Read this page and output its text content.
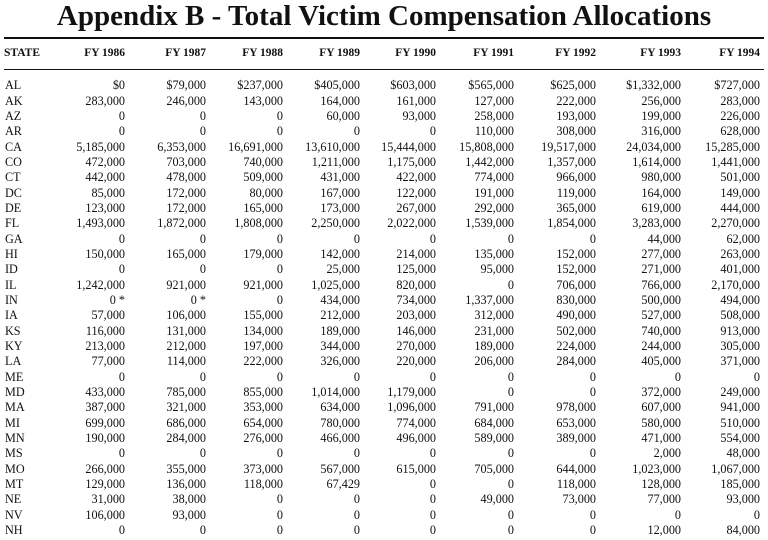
Appendix B - Total Victim Compensation Allocations
STATE	FY 1986	FY 1987	FY 1988	FY 1989	FY 1990	FY 1991	FY 1992	FY 1993	FY 1994

AL	$0	$79,000	$237,000	$405,000	$603,000	$565,000	$625,000	$1,332,000	$727,000
AK	283,000	246,000	143,000	164,000	161,000	127,000	222,000	256,000	283,000
AZ	0	0	0	60,000	93,000	258,000	193,000	199,000	226,000
AR	0	0	0	0	0	110,000	308,000	316,000	628,000
CA	5,185,000	6,353,000	16,691,000	13,610,000	15,444,000	15,808,000	19,517,000	24,034,000	15,285,000
CO	472,000	703,000	740,000	1,211,000	1,175,000	1,442,000	1,357,000	1,614,000	1,441,000
CT	442,000	478,000	509,000	431,000	422,000	774,000	966,000	980,000	501,000
DC	85,000	172,000	80,000	167,000	122,000	191,000	119,000	164,000	149,000
DE	123,000	172,000	165,000	173,000	267,000	292,000	365,000	619,000	444,000
FL	1,493,000	1,872,000	1,808,000	2,250,000	2,022,000	1,539,000	1,854,000	3,283,000	2,270,000
GA	0	0	0	0	0	0	0	44,000	62,000
HI	150,000	165,000	179,000	142,000	214,000	135,000	152,000	277,000	263,000
ID	0	0	0	25,000	125,000	95,000	152,000	271,000	401,000
IL	1,242,000	921,000	921,000	1,025,000	820,000	0	706,000	766,000	2,170,000
IN	0 *	0 *	0	434,000	734,000	1,337,000	830,000	500,000	494,000
IA	57,000	106,000	155,000	212,000	203,000	312,000	490,000	527,000	508,000
KS	116,000	131,000	134,000	189,000	146,000	231,000	502,000	740,000	913,000
KY	213,000	212,000	197,000	344,000	270,000	189,000	224,000	244,000	305,000
LA	77,000	114,000	222,000	326,000	220,000	206,000	284,000	405,000	371,000
ME	0	0	0	0	0	0	0	0	0
MD	433,000	785,000	855,000	1,014,000	1,179,000	0	0	372,000	249,000
MA	387,000	321,000	353,000	634,000	1,096,000	791,000	978,000	607,000	941,000
MI	699,000	686,000	654,000	780,000	774,000	684,000	653,000	580,000	510,000
MN	190,000	284,000	276,000	466,000	496,000	589,000	389,000	471,000	554,000
MS	0	0	0	0	0	0	0	2,000	48,000
MO	266,000	355,000	373,000	567,000	615,000	705,000	644,000	1,023,000	1,067,000
MT	129,000	136,000	118,000	67,429	0	0	118,000	128,000	185,000
NE	31,000	38,000	0	0	0	49,000	73,000	77,000	93,000
NV	106,000	93,000	0	0	0	0	0	0	0
NH	0	0	0	0	0	0	0	12,000	84,000
